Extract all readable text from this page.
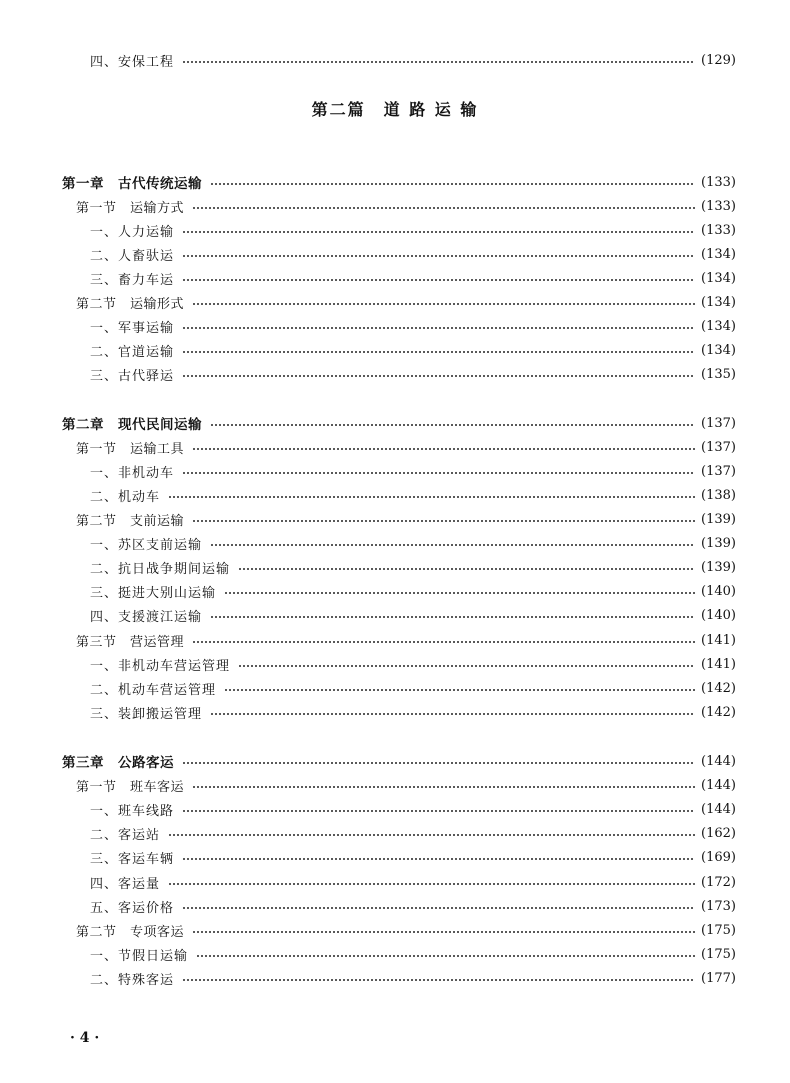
四、安保工程	(129)
第二篇　道 路 运 输
第一章　古代传统运输	(133)
第一节　运输方式	(133)
一、人力运输	(133)
二、人畜驮运	(134)
三、畜力车运	(134)
第二节　运输形式	(134)
一、军事运输	(134)
二、官道运输	(134)
三、古代驿运	(135)
第二章　现代民间运输	(137)
第一节　运输工具	(137)
一、非机动车	(137)
二、机动车	(138)
第二节　支前运输	(139)
一、苏区支前运输	(139)
二、抗日战争期间运输	(139)
三、挺进大别山运输	(140)
四、支援渡江运输	(140)
第三节　营运管理	(141)
一、非机动车营运管理	(141)
二、机动车营运管理	(142)
三、装卸搬运管理	(142)
第三章　公路客运	(144)
第一节　班车客运	(144)
一、班车线路	(144)
二、客运站	(162)
三、客运车辆	(169)
四、客运量	(172)
五、客运价格	(173)
第二节　专项客运	(175)
一、节假日运输	(175)
二、特殊客运	(177)
· 4 ·
